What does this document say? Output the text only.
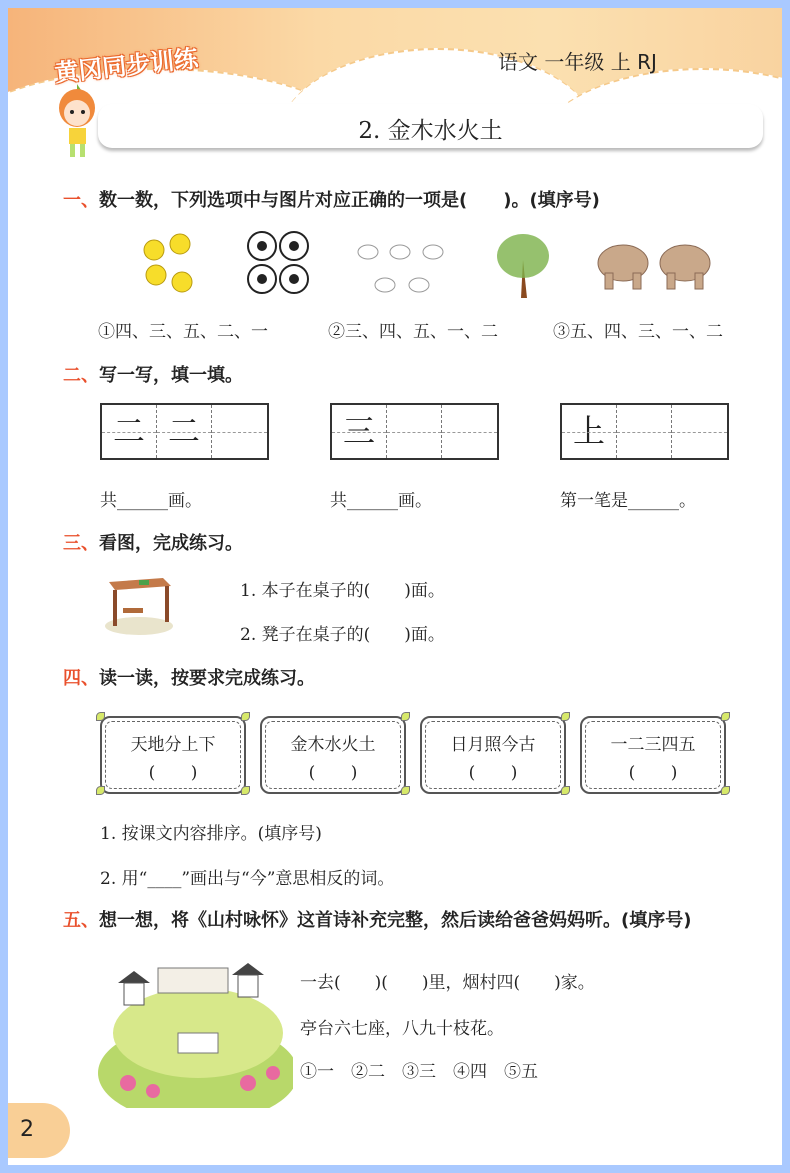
黄冈同步训练	语文 一年级 上 RJ
2. 金木水火土
一、数一数，下列选项中与图片对应正确的一项是(　　)。(填序号)
①四、三、五、二、一	②三、四、五、一、二	③五、四、三、一、二
二、写一写，填一填。
二 二	三	上
共______画。	共______画。	第一笔是______。
三、看图，完成练习。
1. 本子在桌子的(　　)面。
2. 凳子在桌子的(　　)面。
四、读一读，按要求完成练习。
天地分上下
( )
金木水火土
( )
日月照今古
( )
一二三四五
( )
1. 按课文内容排序。(填序号)
2. 用“____”画出与“今”意思相反的词。
五、想一想，将《山村咏怀》这首诗补充完整，然后读给爸爸妈妈听。(填序号)
一去(　　)(　　)里，烟村四(　　)家。
亭台六七座，八九十枝花。
①一　②二　③三　④四　⑤五
2
